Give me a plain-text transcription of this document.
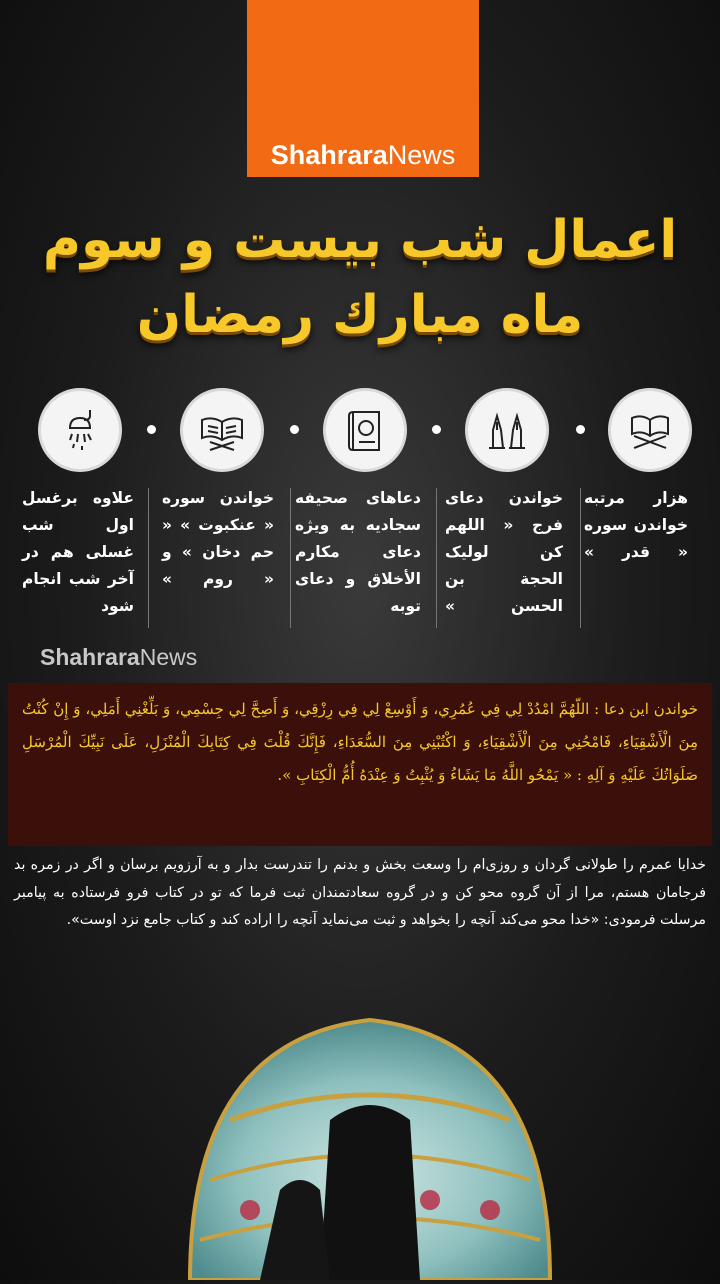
ShahraraNews
اعمال شب بیست و سوم
ماه مبارك رمضان
هزار مرتبه خواندن سوره « قدر »
خواندن دعای فرج « اللهم کن لولیک الحجة بن الحسن »
دعاهای صحیفه سجادیه به ویژه دعای مکارم الأخلاق و دعای توبه
خواندن سوره « عنکبوت » « حم دخان » و « روم »
علاوه برغسل اول شب غسلی هم در آخر شب انجام شود
ShahraraNews
خواندن این دعا : اللّهُمَّ امْدُدْ لِي فِي عُمُرِي، وَ أَوْسِعْ لِي فِي رِزْقِي، وَ أَصِحَّ لِي جِسْمِي، وَ بَلِّغْنِي أَمَلِي، وَ إِنْ كُنْتُ مِنَ الْأَشْقِيَاءِ، فَامْحُنِي مِنَ الْأَشْقِيَاءِ، وَ اكْتُبْنِي مِنَ السُّعَدَاءِ، فَإِنَّكَ قُلْتَ فِي كِتَابِكَ الْمُنْزَلِ، عَلَى نَبِيِّكَ الْمُرْسَلِ صَلَوَاتُكَ عَلَيْهِ وَ آلِهِ : « يَمْحُو اللَّهُ مَا يَشَاءُ وَ يُثْبِتُ وَ عِنْدَهُ أُمُّ الْكِتَابِ ».
خدایا عمرم را طولانی گردان و روزی‌ام را وسعت بخش و بدنم را تندرست بدار و به آرزویم برسان و اگر در زمره بد فرجامان هستم، مرا از آن گروه محو کن و در گروه سعادتمندان ثبت فرما که تو در کتاب فرو فرستاده به پیامبر مرسلت فرمودی: «خدا محو می‌کند آنچه را بخواهد و ثبت می‌نماید آنچه را اراده کند و کتاب جامع نزد اوست».
